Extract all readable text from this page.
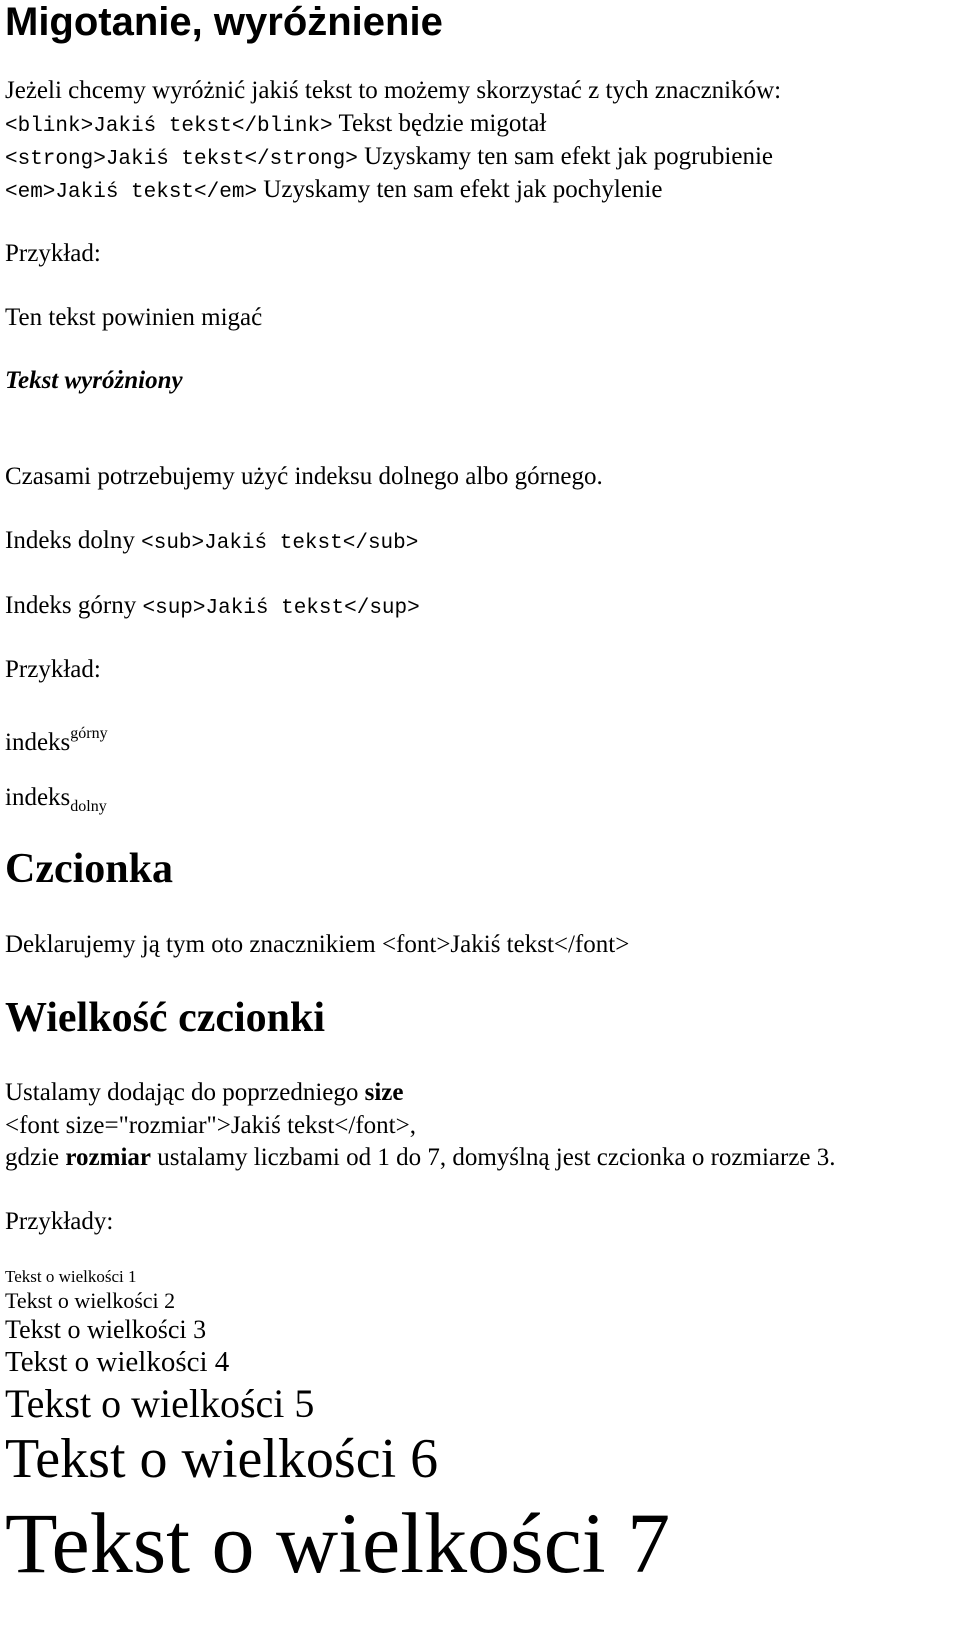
Migotanie, wyróżnienie
Jeżeli chcemy wyróżnić jakiś tekst to możemy skorzystać z tych znaczników:
<blink>Jakiś tekst</blink> Tekst będzie migotał
<strong>Jakiś tekst</strong> Uzyskamy ten sam efekt jak pogrubienie
<em>Jakiś tekst</em> Uzyskamy ten sam efekt jak pochylenie
Przykład:
Ten tekst powinien migać
Tekst wyróżniony
Czasami potrzebujemy użyć indeksu dolnego albo górnego.
Indeks dolny <sub>Jakiś tekst</sub>
Indeks górny <sup>Jakiś tekst</sup>
Przykład:
indeks$^{górny}$
indeks$_{dolny}$
Czcionka
Deklarujemy ją tym oto znacznikiem <font>Jakiś tekst</font>
Wielkość czcionki
Ustalamy dodając do poprzedniego size
<font size="rozmiar">Jakiś tekst</font>,
gdzie rozmiar ustalamy liczbami od 1 do 7, domyślną jest czcionka o rozmiarze 3.
Przykłady:
Tekst o wielkości 1
Tekst o wielkości 2
Tekst o wielkości 3
Tekst o wielkości 4
Tekst o wielkości 5
Tekst o wielkości 6
Tekst o wielkości 7
